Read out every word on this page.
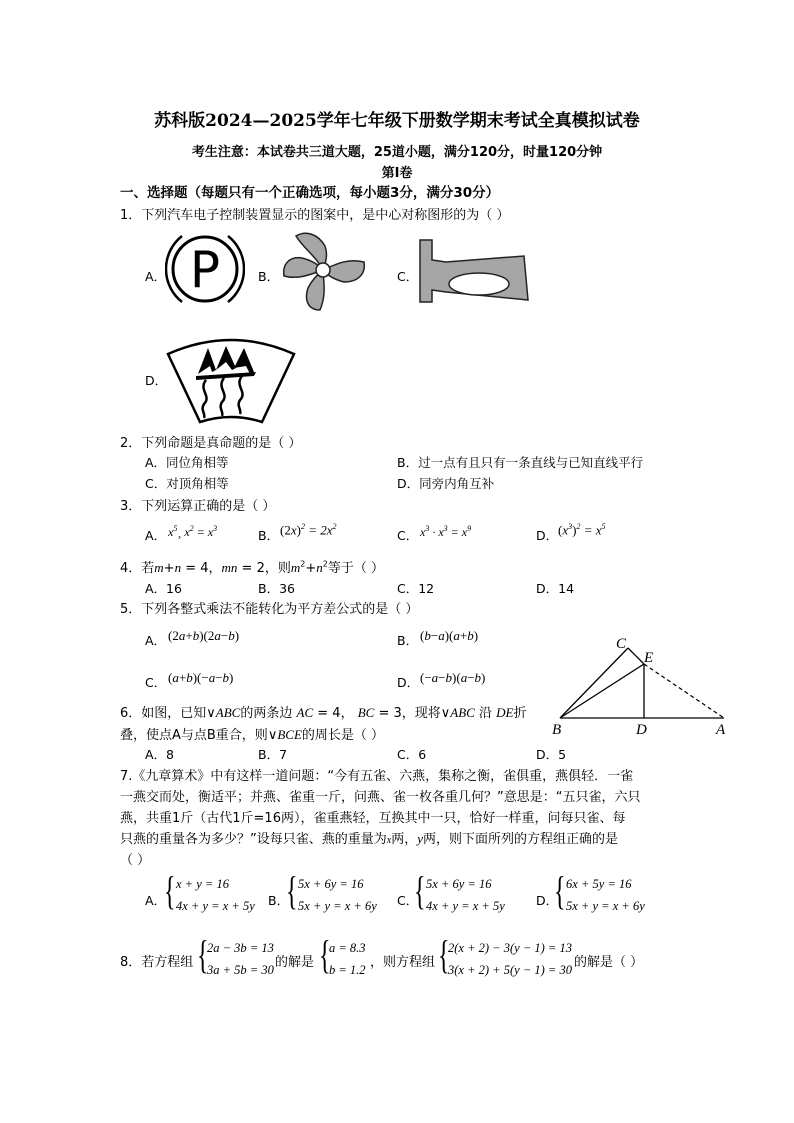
苏科版2024—2025学年七年级下册数学期末考试全真模拟试卷
考生注意：本试卷共三道大题，25道小题，满分120分，时量120分钟
第Ⅰ卷
一、选择题（每题只有一个正确选项，每小题3分，满分30分）
1．下列汽车电子控制装置显示的图案中，是中心对称图形的为（ ）
A． P	B．	C．
D．
2．下列命题是真命题的是（ ）
A．同位角相等	B．过一点有且只有一条直线与已知直线平行
C．对顶角相等	D．同旁内角互补
3．下列运算正确的是（ ）
A． $x^5¸$ $x^2 = x^3$	B． $(2x)^2 = 2x^2$
C． $x^3 \cdot x^3 = x^9$	D． $(x^3)^2 = x^5$
4．若m+n = 4，mn = 2，则$m^2+n^2$等于（ ）
A．16	B．36	C．12	D．14
5．下列各整式乘法不能转化为平方差公式的是（ ）
A． (2a+b)(2a−b)	B． (b−a)(a+b)
C． (a+b)(−a−b)	D． (−a−b)(a−b)
C
E
B	D	A
6．如图，已知∨ABC的两条边 AC = 4， BC = 3，现将∨ABC 沿 DE折
叠，使点A与点B重合，则∨BCE的周长是（ ）
A．8	B．7	C．6	D．5
7.《九章算术》中有这样一道问题：“今有五雀、六燕，集称之衡，雀俱重，燕俱轻．一雀
一燕交而处，衡适平；并燕、雀重一斤，问燕、雀一枚各重几何？”意思是：“五只雀，六只
燕，共重1斤（古代1斤=16两），雀重燕轻，互换其中一只，恰好一样重，问每只雀、每
只燕的重量各为多少？”设每只雀、燕的重量为x两，y两，则下面所列的方程组正确的是
（ ）
A．
{ x + y = 16
4x + y = x + 5y B．
{ 5x + 6y = 16
5x + y = x + 6y C．
{ 5x + 6y = 16
4x + y = x + 5y	D．
{ 6x + 5y = 16
5x + y = x + 6y
8．若方程组 {
2a − 3b = 13
3a + 5b = 30 的解是 {
a = 8.3
b = 1.2 ，则方程组 {
2(x + 2) − 3(y − 1) = 13
3(x + 2) + 5(y − 1) = 30 的解是（ ）
